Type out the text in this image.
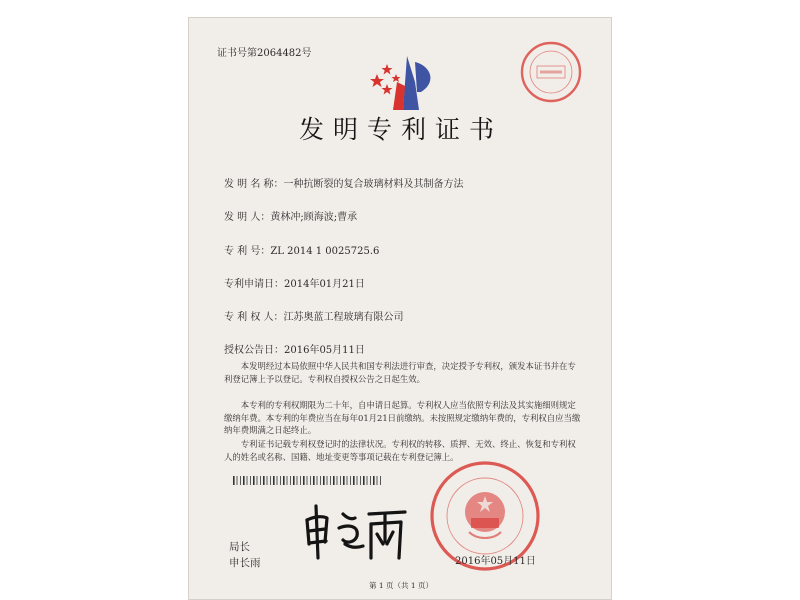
证书号第2064482号
发明专利证书
发 明 名 称：一种抗断裂的复合玻璃材料及其制备方法
发 明 人：黄林冲;顾海波;曹承
专 利 号：ZL 2014 1 0025725.6
专利申请日：2014年01月21日
专 利 权 人：江苏奥蓝工程玻璃有限公司
授权公告日：2016年05月11日
本发明经过本局依照中华人民共和国专利法进行审查，决定授予专利权，颁发本证书并在专利登记簿上予以登记。专利权自授权公告之日起生效。
本专利的专利权期限为二十年，自申请日起算。专利权人应当依照专利法及其实施细则规定缴纳年费。本专利的年费应当在每年01月21日前缴纳。未按照规定缴纳年费的，专利权自应当缴纳年费期满之日起终止。
专利证书记载专利权登记时的法律状况。专利权的转移、质押、无效、终止、恢复和专利权人的姓名或名称、国籍、地址变更等事项记载在专利登记簿上。
局长
申长雨	2016年05月11日
第 1 页（共 1 页）
